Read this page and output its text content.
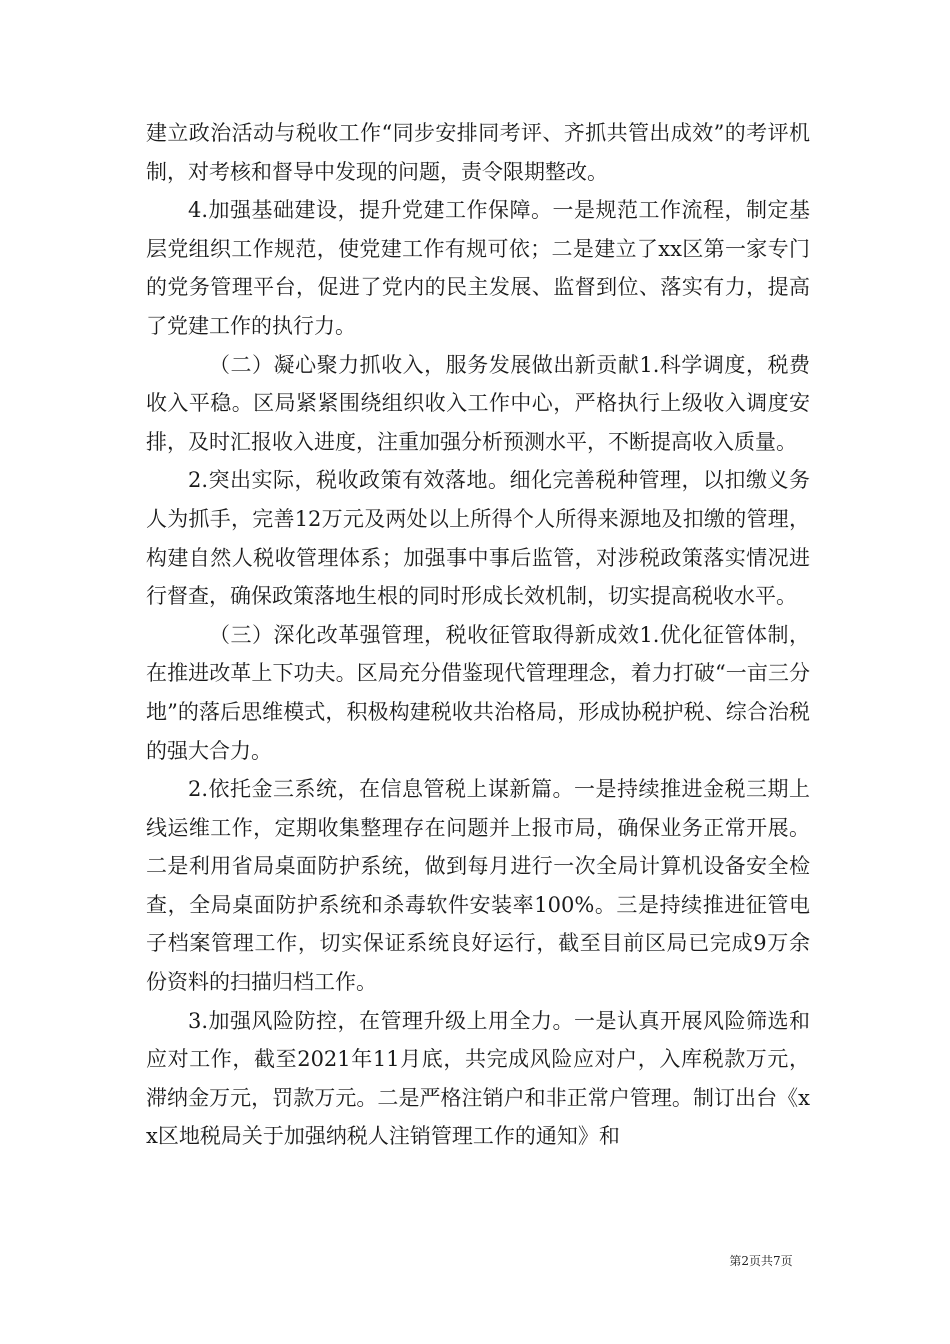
建立政治活动与税收工作“同步安排同考评、齐抓共管出成效”的考评机制，对考核和督导中发现的问题，责令限期整改。

4.加强基础建设，提升党建工作保障。一是规范工作流程，制定基层党组织工作规范，使党建工作有规可依；二是建立了xx区第一家专门的党务管理平台，促进了党内的民主发展、监督到位、落实有力，提高了党建工作的执行力。

（二）凝心聚力抓收入，服务发展做出新贡献1.科学调度，税费收入平稳。区局紧紧围绕组织收入工作中心，严格执行上级收入调度安排，及时汇报收入进度，注重加强分析预测水平，不断提高收入质量。

2.突出实际，税收政策有效落地。细化完善税种管理，以扣缴义务人为抓手，完善12万元及两处以上所得个人所得来源地及扣缴的管理，构建自然人税收管理体系；加强事中事后监管，对涉税政策落实情况进行督查，确保政策落地生根的同时形成长效机制，切实提高税收水平。

（三）深化改革强管理，税收征管取得新成效1.优化征管体制，在推进改革上下功夫。区局充分借鉴现代管理理念，着力打破“一亩三分地”的落后思维模式，积极构建税收共治格局，形成协税护税、综合治税的强大合力。

2.依托金三系统，在信息管税上谋新篇。一是持续推进金税三期上线运维工作，定期收集整理存在问题并上报市局，确保业务正常开展。二是利用省局桌面防护系统，做到每月进行一次全局计算机设备安全检查，全局桌面防护系统和杀毒软件安装率100%。三是持续推进征管电子档案管理工作，切实保证系统良好运行，截至目前区局已完成9万余份资料的扫描归档工作。

3.加强风险防控，在管理升级上用全力。一是认真开展风险筛选和应对工作，截至2021年11月底，共完成风险应对户，入库税款万元，滞纳金万元，罚款万元。二是严格注销户和非正常户管理。制订出台《xx区地税局关于加强纳税人注销管理工作的通知》和

第2页共7页
